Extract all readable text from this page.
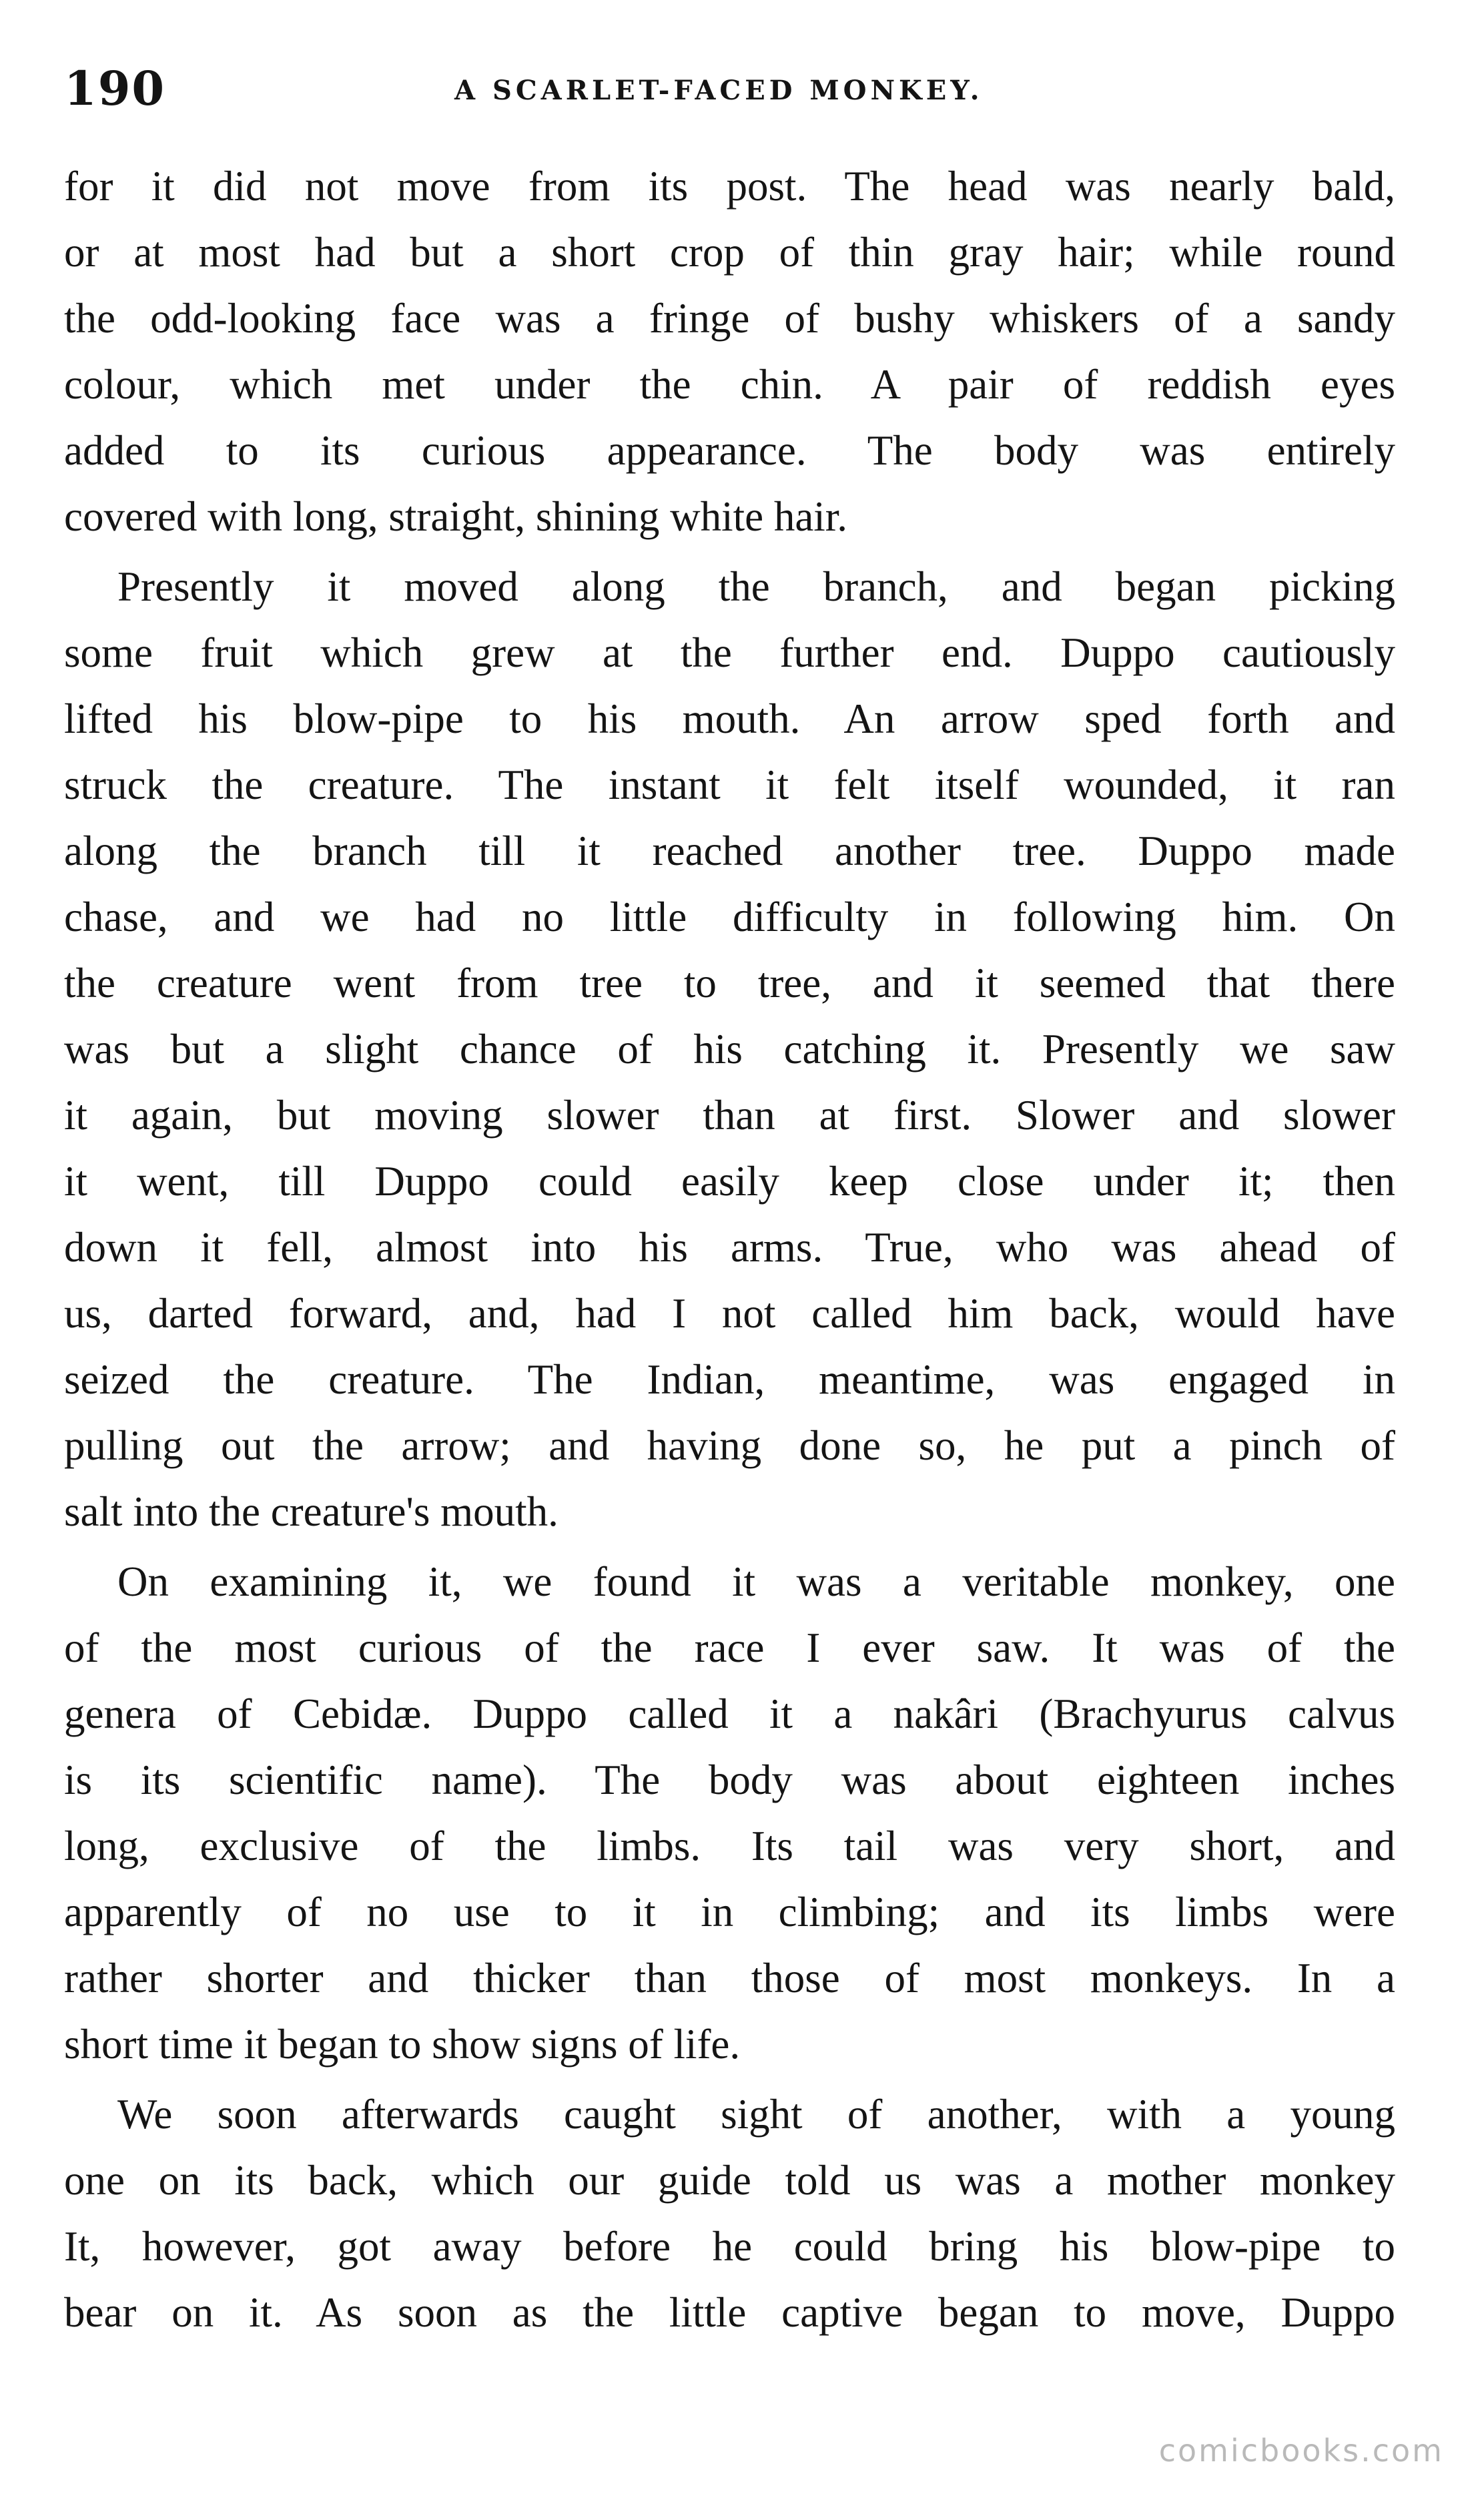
190	A SCARLET-FACED MONKEY.
for it did not move from its post. The head was nearly bald,
or at most had but a short crop of thin gray hair; while round
the odd-looking face was a fringe of bushy whiskers of a sandy
colour, which met under the chin. A pair of reddish eyes
added to its curious appearance. The body was entirely
covered with long, straight, shining white hair.
Presently it moved along the branch, and began picking
some fruit which grew at the further end. Duppo cautiously
lifted his blow-pipe to his mouth. An arrow sped forth and
struck the creature. The instant it felt itself wounded, it ran
along the branch till it reached another tree. Duppo made
chase, and we had no little difficulty in following him. On
the creature went from tree to tree, and it seemed that there
was but a slight chance of his catching it. Presently we saw
it again, but moving slower than at first. Slower and slower
it went, till Duppo could easily keep close under it; then
down it fell, almost into his arms. True, who was ahead of
us, darted forward, and, had I not called him back, would have
seized the creature. The Indian, meantime, was engaged in
pulling out the arrow; and having done so, he put a pinch of
salt into the creature's mouth.
On examining it, we found it was a veritable monkey, one
of the most curious of the race I ever saw. It was of the
genera of Cebidæ. Duppo called it a nakâri (Brachyurus calvus
is its scientific name). The body was about eighteen inches
long, exclusive of the limbs. Its tail was very short, and
apparently of no use to it in climbing; and its limbs were
rather shorter and thicker than those of most monkeys. In a
short time it began to show signs of life.
We soon afterwards caught sight of another, with a young
one on its back, which our guide told us was a mother monkey
It, however, got away before he could bring his blow-pipe to
bear on it. As soon as the little captive began to move, Duppo
comicbooks.com
